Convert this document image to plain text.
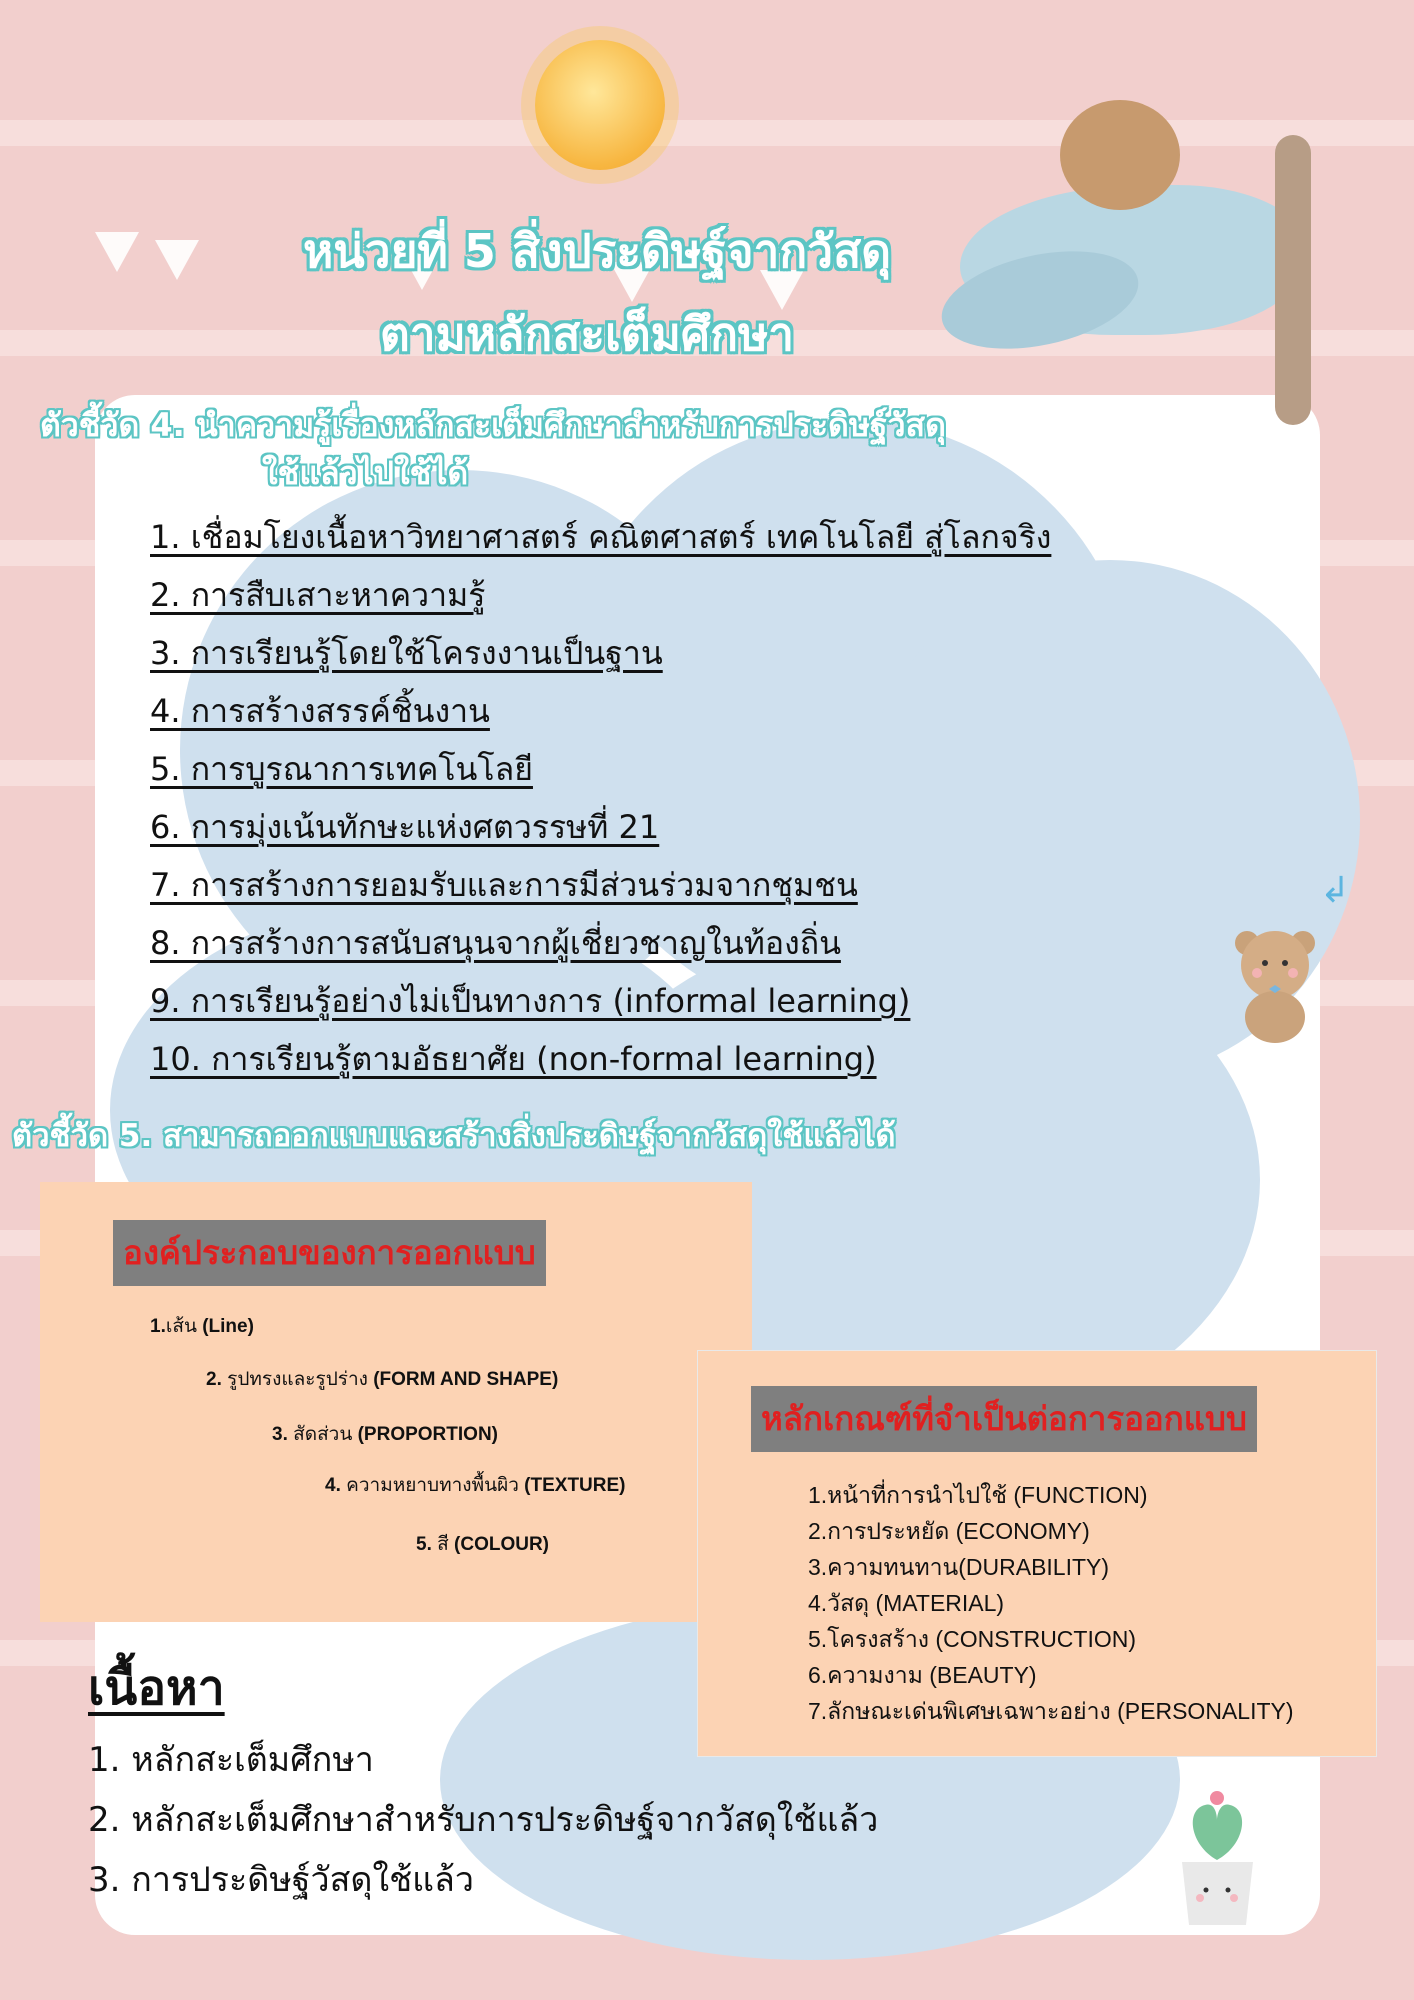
หน่วยที่ 5 สิ่งประดิษฐ์จากวัสดุ
ตามหลักสะเต็มศึกษา

ตัวชี้วัด 4. นำความรู้เรื่องหลักสะเต็มศึกษาสำหรับการประดิษฐ์วัสดุ

ใช้แล้วไปใช้ได้

1. เชื่อมโยงเนื้อหาวิทยาศาสตร์ คณิตศาสตร์ เทคโนโลยี สู่โลกจริง
2. การสืบเสาะหาความรู้
3. การเรียนรู้โดยใช้โครงงานเป็นฐาน
4. การสร้างสรรค์ชิ้นงาน
5. การบูรณาการเทคโนโลยี
6. การมุ่งเน้นทักษะแห่งศตวรรษที่ 21
7. การสร้างการยอมรับและการมีส่วนร่วมจากชุมชน
8. การสร้างการสนับสนุนจากผู้เชี่ยวชาญในท้องถิ่น
9. การเรียนรู้อย่างไม่เป็นทางการ (informal learning)
10. การเรียนรู้ตามอัธยาศัย (non-formal learning)
↲

ตัวชี้วัด 5. สามารถออกแบบและสร้างสิ่งประดิษฐ์จากวัสดุใช้แล้วได้

องค์ประกอบของการออกแบบ
1.เส้น (Line)
2. รูปทรงและรูปร่าง (FORM AND SHAPE)
3. สัดส่วน (PROPORTION)
4. ความหยาบทางพื้นผิว (TEXTURE)
5. สี (COLOUR)
หลักเกณฑ์ที่จำเป็นต่อการออกแบบ
1.หน้าที่การนำไปใช้ (FUNCTION)
2.การประหยัด (ECONOMY)
3.ความทนทาน(DURABILITY)
4.วัสดุ (MATERIAL)
5.โครงสร้าง (CONSTRUCTION)
6.ความงาม (BEAUTY)
7.ลักษณะเด่นพิเศษเฉพาะอย่าง (PERSONALITY)
เนื้อหา
1. หลักสะเต็มศึกษา
2. หลักสะเต็มศึกษาสำหรับการประดิษฐ์จากวัสดุใช้แล้ว
3. การประดิษฐ์วัสดุใช้แล้ว
